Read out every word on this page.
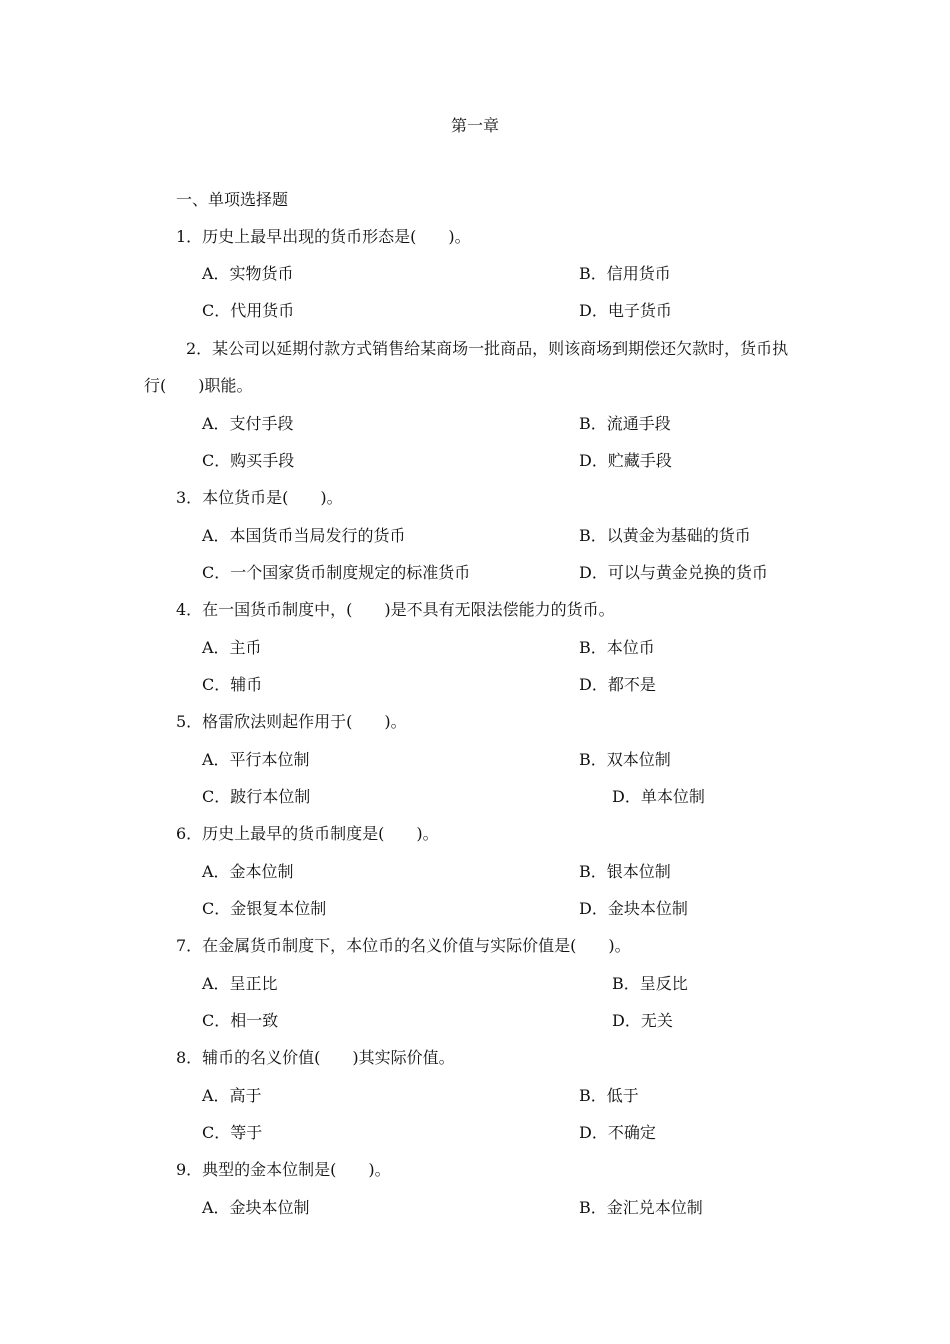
第一章
一、单项选择题
1．历史上最早出现的货币形态是(　　)。
A．实物货币	B．信用货币
C．代用货币	D．电子货币
2．某公司以延期付款方式销售给某商场一批商品，则该商场到期偿还欠款时，货币执
行(　　)职能。
A．支付手段	B．流通手段
C．购买手段	D．贮藏手段
3．本位货币是(　　)。
A．本国货币当局发行的货币	B．以黄金为基础的货币
C．一个国家货币制度规定的标准货币	D．可以与黄金兑换的货币
4．在一国货币制度中，(　　)是不具有无限法偿能力的货币。
A．主币	B．本位币
C．辅币	D．都不是
5．格雷欣法则起作用于(　　)。
A．平行本位制	B．双本位制
C．跛行本位制	D．单本位制
6．历史上最早的货币制度是(　　)。
A．金本位制	B．银本位制
C．金银复本位制	D．金块本位制
7．在金属货币制度下，本位币的名义价值与实际价值是(　　)。
A．呈正比	B．呈反比
C．相一致	D．无关
8．辅币的名义价值(　　)其实际价值。
A．高于	B．低于
C．等于	D．不确定
9．典型的金本位制是(　　)。
A．金块本位制	B．金汇兑本位制
